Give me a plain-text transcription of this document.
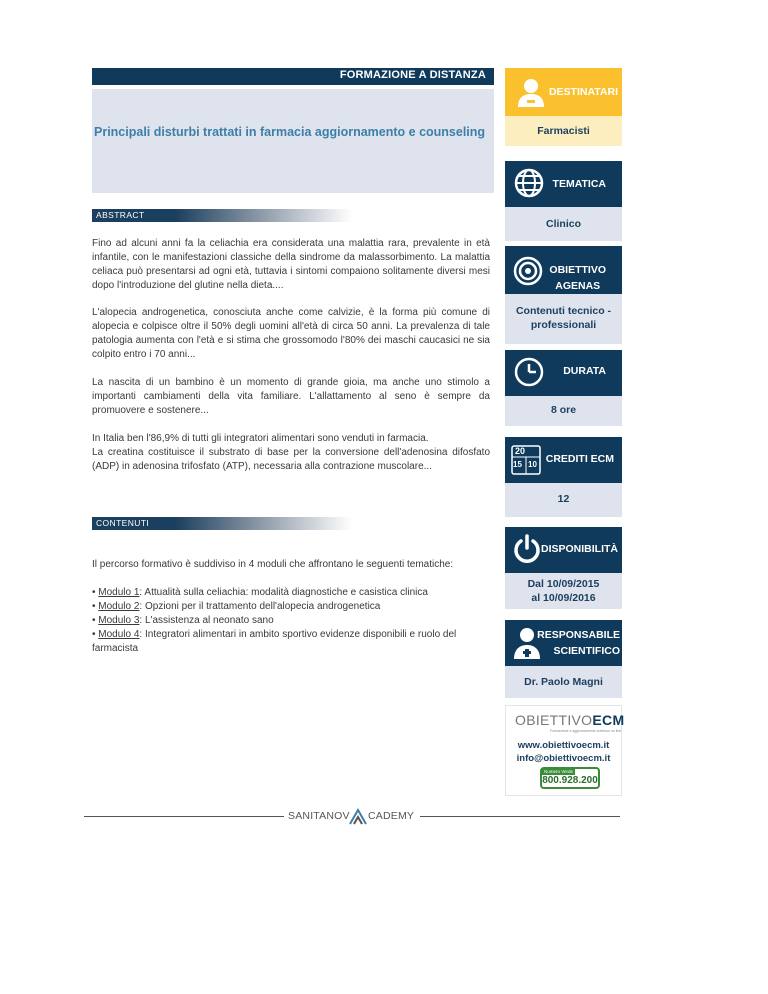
FORMAZIONE A DISTANZA
Principali disturbi trattati in farmacia aggiornamento e counseling
ABSTRACT

Fino ad alcuni anni fa la celiachia era considerata una malattia rara, prevalente in età infantile, con le manifestazioni classiche della sindrome da malassorbimento. La malattia celiaca può presentarsi ad ogni età, tuttavia i sintomi compaiono solitamente diversi mesi dopo l'introduzione del glutine nella dieta....

L'alopecia androgenetica, conosciuta anche come calvizie, è la forma più comune di alopecia e colpisce oltre il 50% degli uomini all'età di circa 50 anni. La prevalenza di tale patologia aumenta con l'età e si stima che grossomodo l'80% dei maschi caucasici ne sia colpito entro i 70 anni...

La nascita di un bambino è un momento di grande gioia, ma anche uno stimolo a importanti cambiamenti della vita familiare. L'allattamento al seno è sempre da promuovere e sostenere...

In Italia ben l'86,9% di tutti gli integratori alimentari sono venduti in farmacia.

La creatina costituisce il substrato di base per la conversione dell'adenosina difosfato (ADP) in adenosina trifosfato (ATP), necessaria alla contrazione muscolare...

CONTENUTI

Il percorso formativo è suddiviso in 4 moduli che affrontano le seguenti tematiche:

• Modulo 1: Attualità sulla celiachia: modalità diagnostiche e casistica clinica
• Modulo 2: Opzioni per il trattamento dell'alopecia androgenetica
• Modulo 3: L'assistenza al neonato sano
• Modulo 4: Integratori alimentari in ambito sportivo evidenze disponibili e ruolo del farmacista
DESTINATARI
Farmacisti
TEMATICA
Clinico
OBIETTIVO
AGENAS
Contenuti tecnico -
professionali
DURATA
8 ore
20
15 10 CREDITI ECM
12
DISPONIBILITÀ
Dal 10/09/2015
al 10/09/2016
RESPONSABILE
SCIENTIFICO
Dr. Paolo Magni
OBIETTIVOECM
Formazione e aggiornamento continuo on line
www.obiettivoecm.it
info@obiettivoecm.it
Numero Verde
800.928.200
SANITANOV CADEMY
